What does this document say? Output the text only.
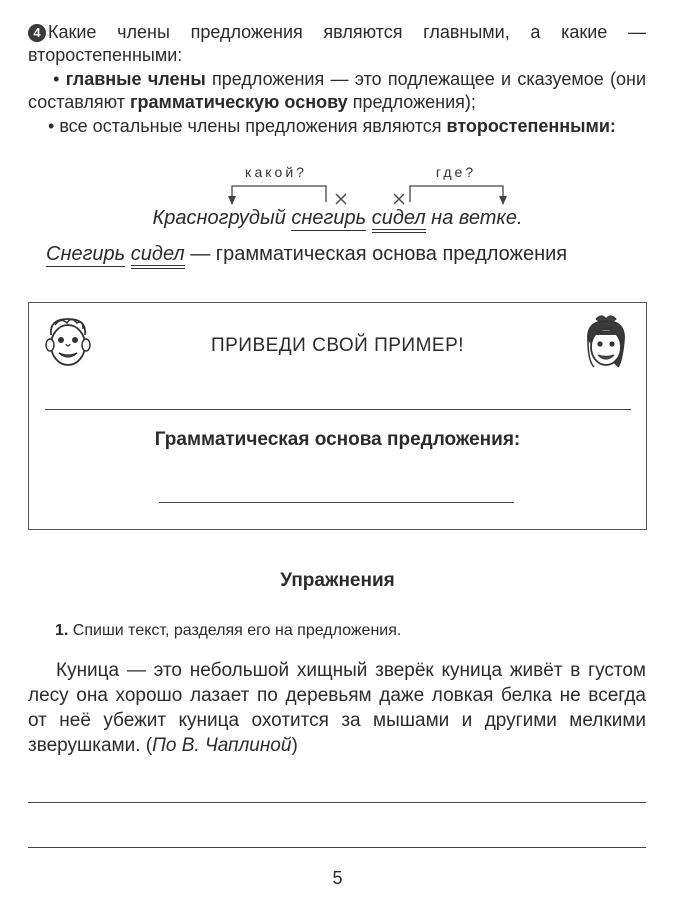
4 Какие члены предложения являются главными, а какие — второстепенными:
• главные члены предложения — это подлежащее и сказуемое (они составляют грамматическую основу предложения);
• все остальные члены предложения являются второстепенными:
какой?	где?
Красногрудый снегирь сидел на ветке.
Снегирь сидел — грамматическая основа предложения
ПРИВЕДИ СВОЙ ПРИМЕР!
Грамматическая основа предложения:
Упражнения
1. Спиши текст, разделяя его на предложения.
Куница — это небольшой хищный зверёк куница живёт в густом лесу она хорошо лазает по деревьям даже ловкая белка не всегда от неё убежит куница охотится за мышами и другими мелкими зверушками. (По В. Чаплиной)
5
